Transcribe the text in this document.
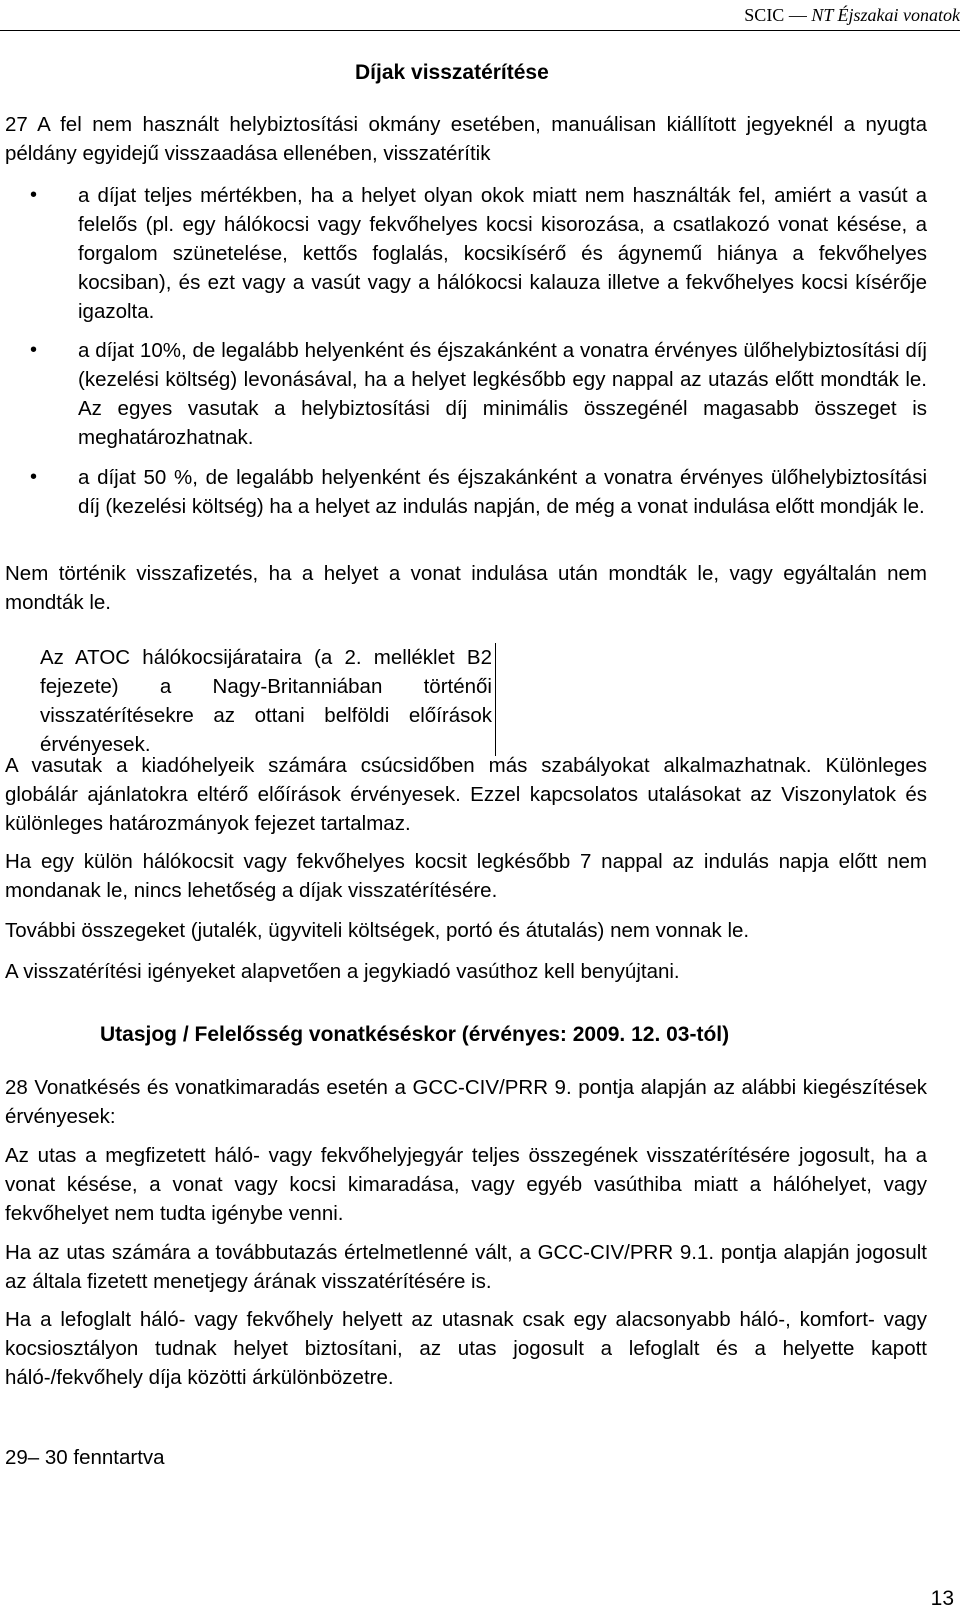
SCIC — NT Éjszakai vonatok
Díjak visszatérítése
27 A fel nem használt helybiztosítási okmány esetében, manuálisan kiállított jegyeknél a nyugta példány egyidejű visszaadása ellenében, visszatérítik
• a díjat teljes mértékben, ha a helyet olyan okok miatt nem használták fel, amiért a vasút a felelős (pl. egy hálókocsi vagy fekvőhelyes kocsi kisorozása, a csatlakozó vonat késése, a forgalom szünetelése, kettős foglalás, kocsikísérő és ágynemű hiánya a fekvőhelyes kocsiban), és ezt vagy a vasút vagy a hálókocsi kalauza illetve a fekvőhelyes kocsi kísérője igazolta.
• a díjat 10%, de legalább helyenként és éjszakánként a vonatra érvényes ülőhelybiztosítási díj (kezelési költség) levonásával, ha a helyet legkésőbb egy nappal az utazás előtt mondták le. Az egyes vasutak a helybiztosítási díj minimális összegénél magasabb összeget is meghatározhatnak.
• a díjat 50 %, de legalább helyenként és éjszakánként a vonatra érvényes ülőhelybiztosítási díj (kezelési költség) ha a helyet az indulás napján, de még a vonat indulása előtt mondják le.
Nem történik visszafizetés, ha a helyet a vonat indulása után mondták le, vagy egyáltalán nem mondták le.
Az ATOC hálókocsijárataira (a 2. melléklet B2 fejezete) a Nagy-Britanniában történői visszatérítésekre az ottani belföldi előírások érvényesek.
A vasutak a kiadóhelyeik számára csúcsidőben más szabályokat alkalmazhatnak. Különleges globálár ajánlatokra eltérő előírások érvényesek. Ezzel kapcsolatos utalásokat az Viszonylatok és különleges határozmányok fejezet tartalmaz.
Ha egy külön hálókocsit vagy fekvőhelyes kocsit legkésőbb 7 nappal az indulás napja előtt nem mondanak le, nincs lehetőség a díjak visszatérítésére.
További összegeket (jutalék, ügyviteli költségek, portó és átutalás) nem vonnak le.
A visszatérítési igényeket alapvetően a jegykiadó vasúthoz kell benyújtani.
Utasjog / Felelősség vonatkéséskor (érvényes: 2009. 12. 03-tól)
28 Vonatkésés és vonatkimaradás esetén a GCC-CIV/PRR 9. pontja alapján az alábbi kiegészítések érvényesek:
Az utas a megfizetett háló- vagy fekvőhelyjegyár teljes összegének visszatérítésére jogosult, ha a vonat késése, a vonat vagy kocsi kimaradása, vagy egyéb vasúthiba miatt a hálóhelyet, vagy fekvőhelyet nem tudta igénybe venni.
Ha az utas számára a továbbutazás értelmetlenné vált, a GCC-CIV/PRR 9.1. pontja alapján jogosult az általa fizetett menetjegy árának visszatérítésére is.
Ha a lefoglalt háló- vagy fekvőhely helyett az utasnak csak egy alacsonyabb háló-, komfort- vagy kocsiosztályon tudnak helyet biztosítani, az utas jogosult a lefoglalt és a helyette kapott háló-/fekvőhely díja közötti árkülönbözetre.
29– 30 fenntartva
13
